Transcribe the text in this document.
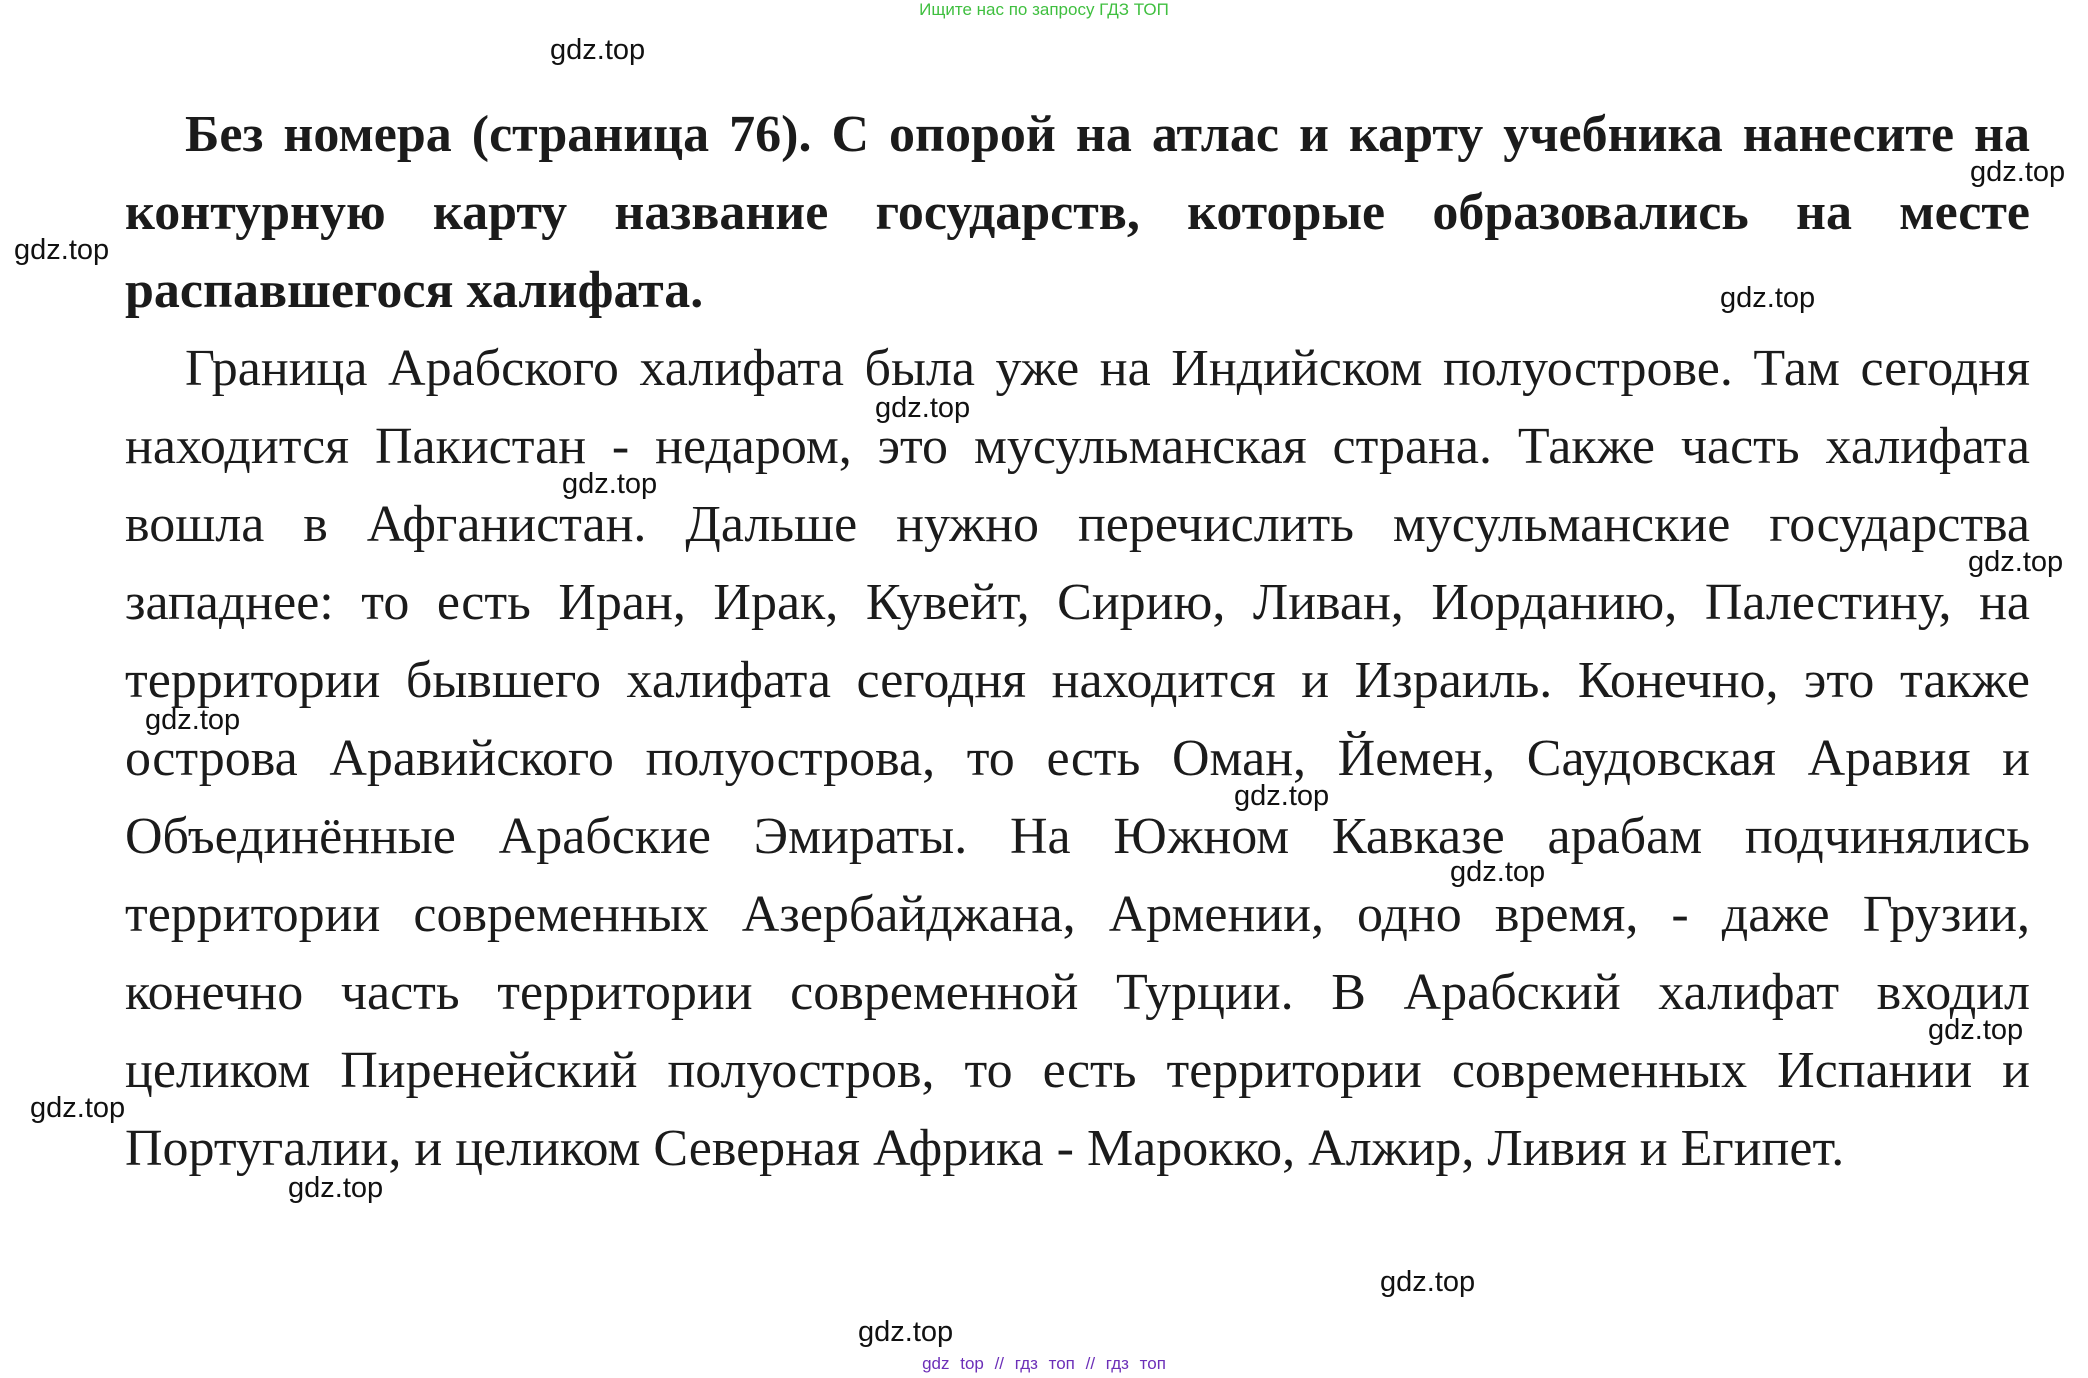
Ищите нас по запросу ГДЗ ТОП

Без номера (страница 76). С опорой на атлас и карту учебника нанесите на контурную карту название государств, которые образовались на месте распавшегося халифата.

Граница Арабского халифата была уже на Индийском полуострове. Там сегодня находится Пакистан - недаром, это мусульманская страна. Также часть халифата вошла в Афганистан. Дальше нужно перечислить мусульманские государства западнее: то есть Иран, Ирак, Кувейт, Сирию, Ливан, Иорданию, Палестину, на территории бывшего халифата сегодня находится и Израиль. Конечно, это также острова Аравийского полуострова, то есть Оман, Йемен, Саудовская Аравия и Объединённые Арабские Эмираты. На Южном Кавказе арабам подчинялись территории современных Азербайджана, Армении, одно время, - даже Грузии, конечно часть территории современной Турции. В Арабский халифат входил целиком Пиренейский полуостров, то есть территории современных Испании и Португалии, и целиком Северная Африка - Марокко, Алжир, Ливия и Египет.

gdz.top
gdz.top
gdz.top
gdz.top
gdz.top
gdz.top
gdz.top
gdz.top
gdz.top
gdz.top
gdz.top
gdz.top
gdz.top
gdz.top
gdz.top
gdz top // гдз топ // гдз топ
